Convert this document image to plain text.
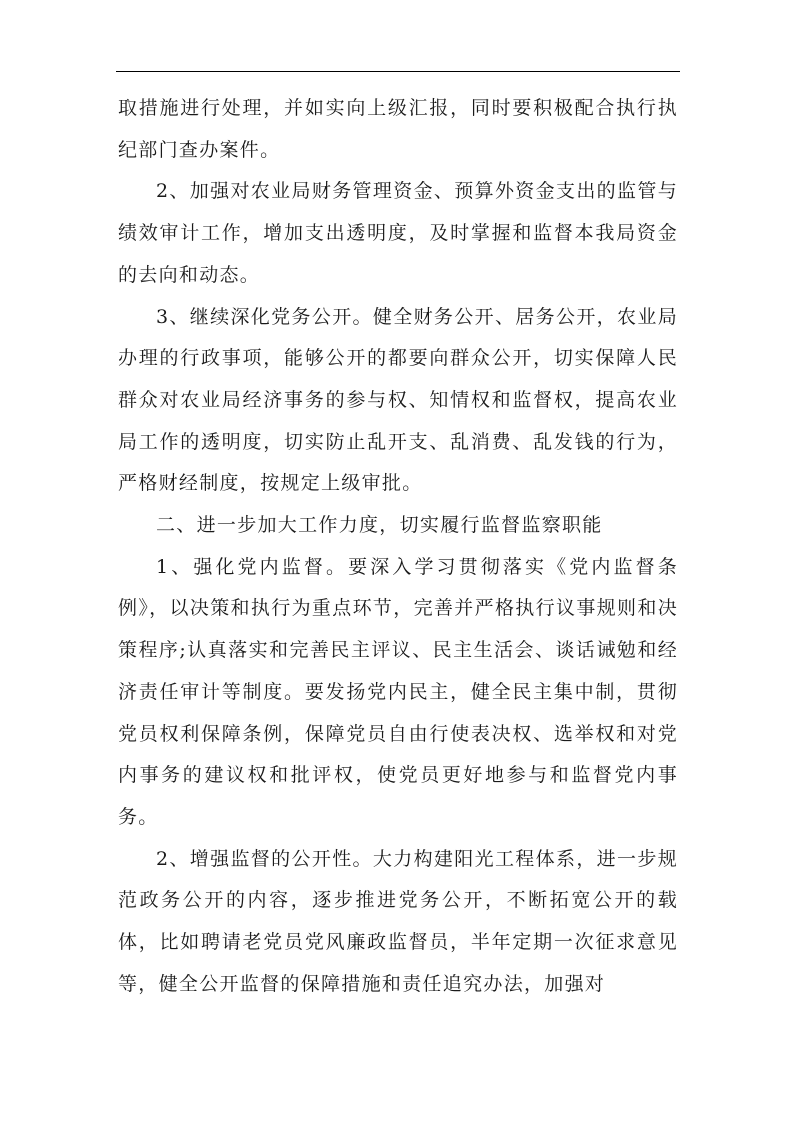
取措施进行处理，并如实向上级汇报，同时要积极配合执行执纪部门查办案件。

2、加强对农业局财务管理资金、预算外资金支出的监管与绩效审计工作，增加支出透明度，及时掌握和监督本我局资金的去向和动态。

3、继续深化党务公开。健全财务公开、居务公开，农业局办理的行政事项，能够公开的都要向群众公开，切实保障人民群众对农业局经济事务的参与权、知情权和监督权，提高农业局工作的透明度，切实防止乱开支、乱消费、乱发钱的行为，严格财经制度，按规定上级审批。

二、进一步加大工作力度，切实履行监督监察职能

1、强化党内监督。要深入学习贯彻落实《党内监督条例》，以决策和执行为重点环节，完善并严格执行议事规则和决策程序;认真落实和完善民主评议、民主生活会、谈话诫勉和经济责任审计等制度。要发扬党内民主，健全民主集中制，贯彻党员权利保障条例，保障党员自由行使表决权、选举权和对党内事务的建议权和批评权，使党员更好地参与和监督党内事务。

2、增强监督的公开性。大力构建阳光工程体系，进一步规范政务公开的内容，逐步推进党务公开，不断拓宽公开的载体，比如聘请老党员党风廉政监督员，半年定期一次征求意见等，健全公开监督的保障措施和责任追究办法，加强对
